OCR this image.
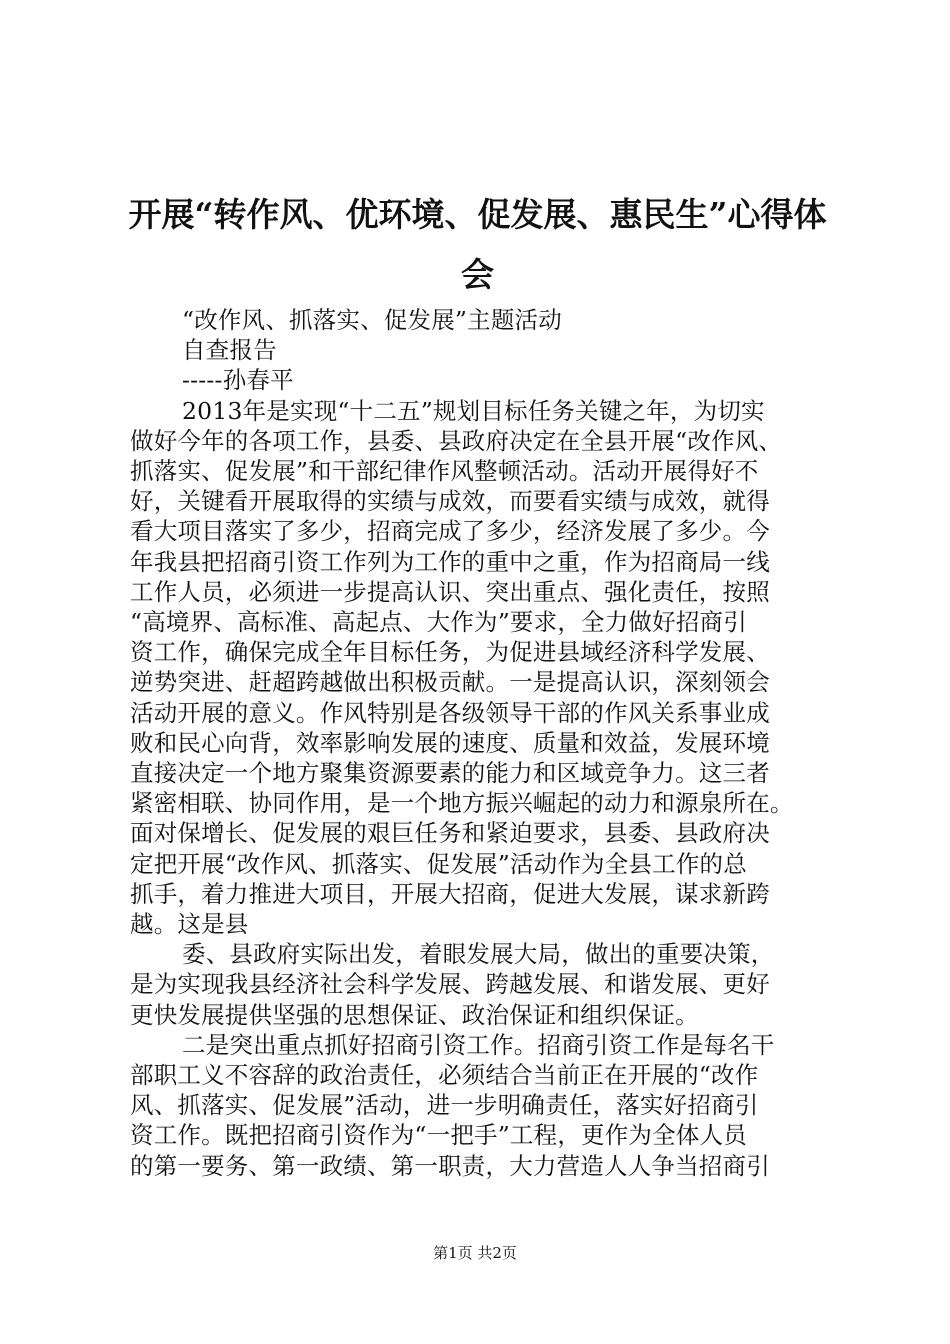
开展“转作风、优环境、促发展、惠民生”心得体会
“改作风、抓落实、促发展”主题活动
自查报告
-----孙春平
2013年是实现“十二五”规划目标任务关键之年，为切实
做好今年的各项工作，县委、县政府决定在全县开展“改作风、
抓落实、促发展”和干部纪律作风整顿活动。活动开展得好不
好，关键看开展取得的实绩与成效，而要看实绩与成效，就得
看大项目落实了多少，招商完成了多少，经济发展了多少。今
年我县把招商引资工作列为工作的重中之重，作为招商局一线
工作人员，必须进一步提高认识、突出重点、强化责任，按照
“高境界、高标准、高起点、大作为”要求，全力做好招商引
资工作，确保完成全年目标任务，为促进县域经济科学发展、
逆势突进、赶超跨越做出积极贡献。一是提高认识，深刻领会
活动开展的意义。作风特别是各级领导干部的作风关系事业成
败和民心向背，效率影响发展的速度、质量和效益，发展环境
直接决定一个地方聚集资源要素的能力和区域竞争力。这三者
紧密相联、协同作用，是一个地方振兴崛起的动力和源泉所在。
面对保增长、促发展的艰巨任务和紧迫要求，县委、县政府决
定把开展“改作风、抓落实、促发展”活动作为全县工作的总
抓手，着力推进大项目，开展大招商，促进大发展，谋求新跨
越。这是县
委、县政府实际出发，着眼发展大局，做出的重要决策，
是为实现我县经济社会科学发展、跨越发展、和谐发展、更好
更快发展提供坚强的思想保证、政治保证和组织保证。
二是突出重点抓好招商引资工作。招商引资工作是每名干
部职工义不容辞的政治责任，必须结合当前正在开展的“改作
风、抓落实、促发展”活动，进一步明确责任，落实好招商引
资工作。既把招商引资作为“一把手”工程，更作为全体人员
的第一要务、第一政绩、第一职责，大力营造人人争当招商引
第1页 共2页
